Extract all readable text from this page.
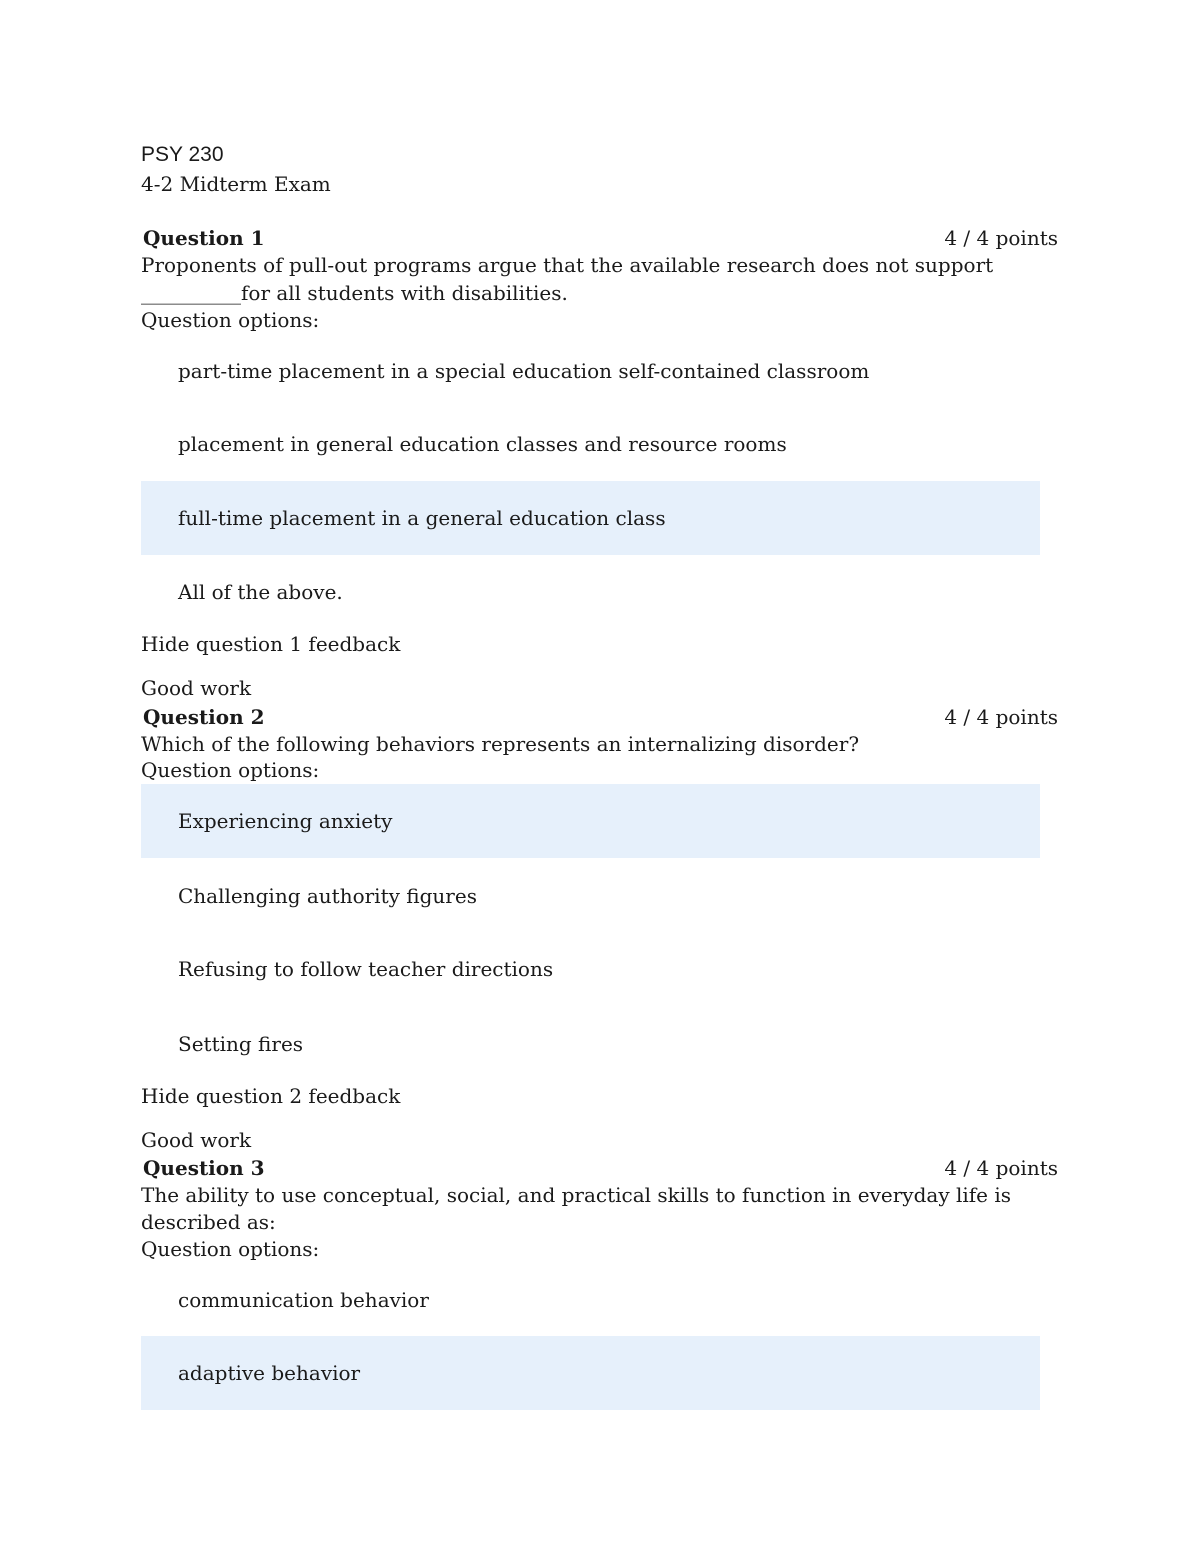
PSY 230
4-2 Midterm Exam
Question 1	4 / 4 points
Proponents of pull-out programs argue that the available research does not support
__________for all students with disabilities.
Question options:
part-time placement in a special education self-contained classroom
placement in general education classes and resource rooms
full-time placement in a general education class
All of the above.
Hide question 1 feedback
Good work
Question 2	4 / 4 points
Which of the following behaviors represents an internalizing disorder?
Question options:
Experiencing anxiety
Challenging authority figures
Refusing to follow teacher directions
Setting fires
Hide question 2 feedback
Good work
Question 3	4 / 4 points
The ability to use conceptual, social, and practical skills to function in everyday life is
described as:
Question options:
communication behavior
adaptive behavior
